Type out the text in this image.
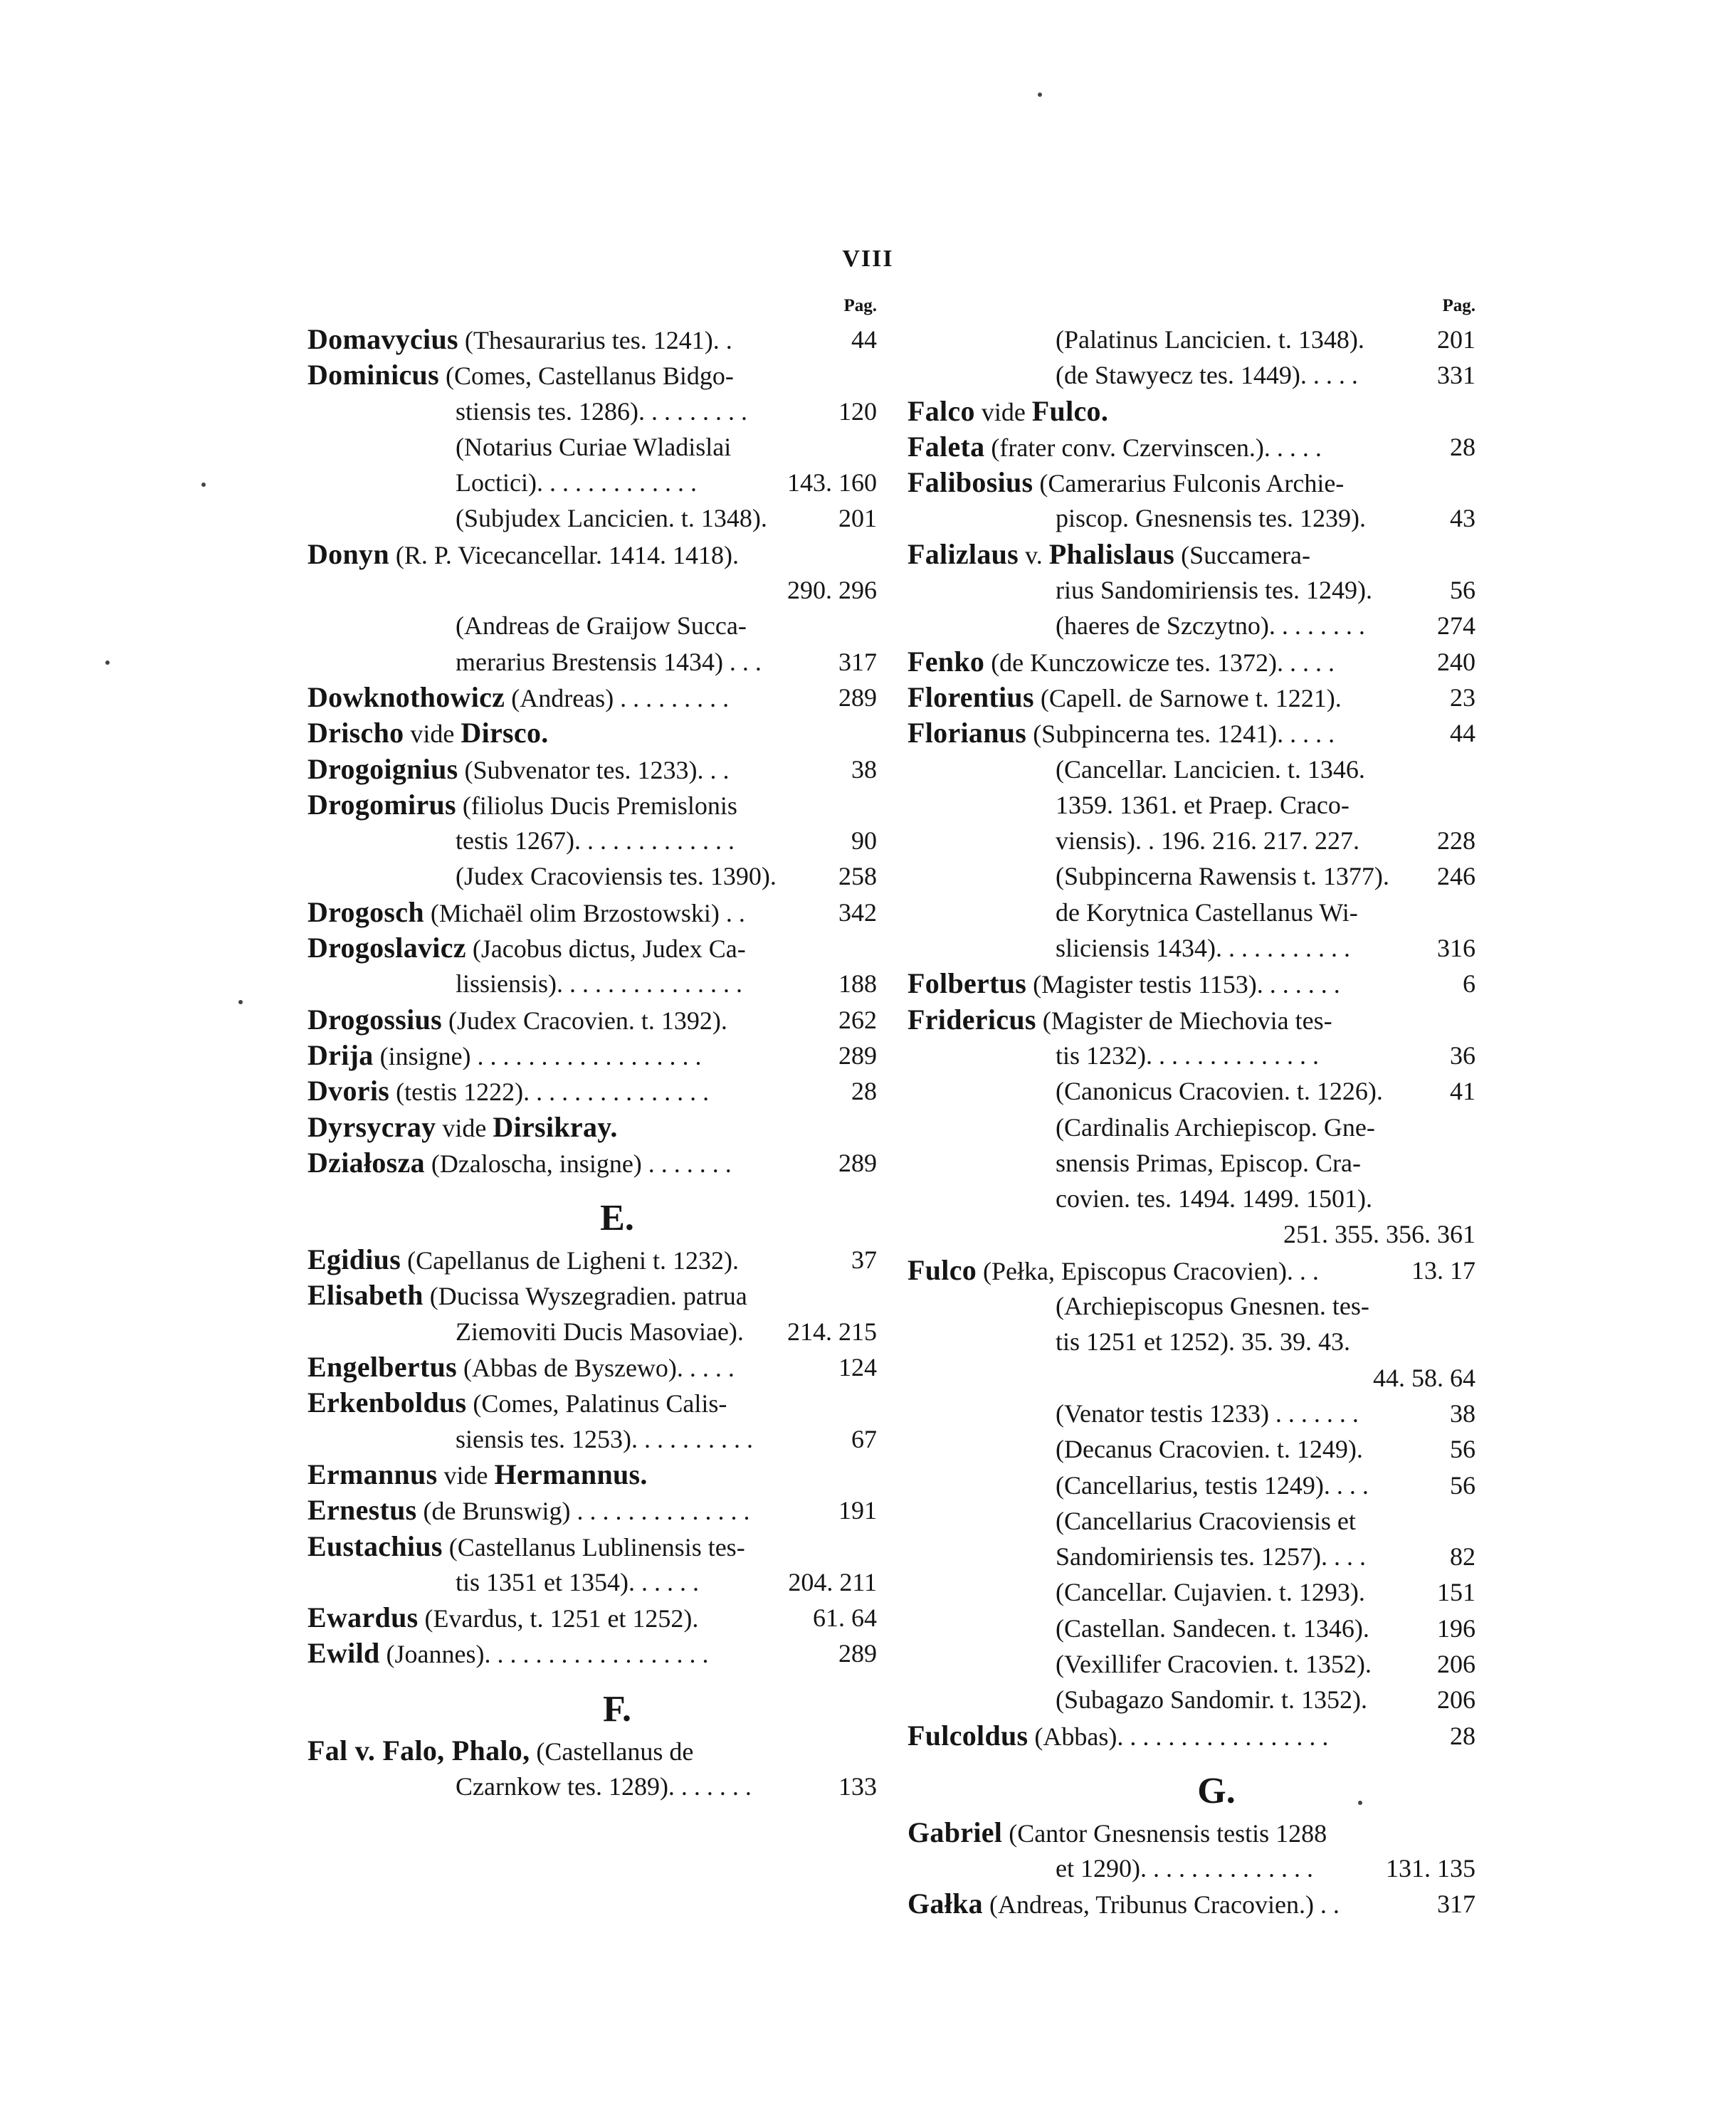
VIII
Pag.
Domavycius (Thesaurarius tes. 1241). .	44
Dominicus (Comes, Castellanus Bidgo-
stiensis tes. 1286). . . . . . . . .	120
(Notarius Curiae Wladislai
Loctici). . . . . . . . . . . . .	143. 160
(Subjudex Lancicien. t. 1348).	201
Donyn (R. P. Vicecancellar. 1414. 1418).
290. 296
(Andreas de Graijow Succa-
merarius Brestensis 1434) . . .	317
Dowknothowicz (Andreas) . . . . . . . . .	289
Drischo vide Dirsco.
Drogoignius (Subvenator tes. 1233). . .	38
Drogomirus (filiolus Ducis Premislonis
testis 1267). . . . . . . . . . . . .	90
(Judex Cracoviensis tes. 1390). 258
Drogosch (Michaël olim Brzostowski) . .	342
Drogoslavicz (Jacobus dictus, Judex Ca-
lissiensis). . . . . . . . . . . . . . .	188
Drogossius (Judex Cracovien. t. 1392).	262
Drija (insigne) . . . . . . . . . . . . . . . . . .	289
Dvoris (testis 1222). . . . . . . . . . . . . . .	28
Dyrsycray vide Dirsikray.
Działosza (Dzaloscha, insigne) . . . . . . .	289
E.
Egidius (Capellanus de Ligheni t. 1232).	37
Elisabeth (Ducissa Wyszegradien. patrua
Ziemoviti Ducis Masoviae). 214. 215
Engelbertus (Abbas de Byszewo). . . . .	124
Erkenboldus (Comes, Palatinus Calis-
siensis tes. 1253). . . . . . . . . .	67
Ermannus vide Hermannus.
Ernestus (de Brunswig) . . . . . . . . . . . . . .	191
Eustachius (Castellanus Lublinensis tes-
tis 1351 et 1354). . . . . .	204. 211
Ewardus (Evardus, t. 1251 et 1252).	61. 64
Ewild (Joannes). . . . . . . . . . . . . . . . . .	289
F.
Fal v. Falo, Phalo, (Castellanus de
Czarnkow tes. 1289). . . . . . .	133
Pag.
(Palatinus Lancicien. t. 1348).	201
(de Stawyecz tes. 1449). . . . .	331
Falco vide Fulco.
Faleta (frater conv. Czervinscen.). . . . .	28
Falibosius (Camerarius Fulconis Archie-
piscop. Gnesnensis tes. 1239).	43
Falizlaus v. Phalislaus (Succamera-
rius Sandomiriensis tes. 1249).	56
(haeres de Szczytno). . . . . . . .	274
Fenko (de Kunczowicze tes. 1372). . . . .	240
Florentius (Capell. de Sarnowe t. 1221).	23
Florianus (Subpincerna tes. 1241). . . . .	44
(Cancellar. Lancicien. t. 1346.
1359. 1361. et Praep. Craco-
viensis). . 196. 216. 217. 227.	228
(Subpincerna Rawensis t. 1377). 246
de Korytnica Castellanus Wi-
sliciensis 1434). . . . . . . . . . .	316
Folbertus (Magister testis 1153). . . . . . .	6
Fridericus (Magister de Miechovia tes-
tis 1232). . . . . . . . . . . . . .	36
(Canonicus Cracovien. t. 1226).	41
(Cardinalis Archiepiscop. Gne-
snensis Primas, Episcop. Cra-
covien. tes. 1494. 1499. 1501).
251. 355. 356. 361
Fulco (Pełka, Episcopus Cracovien). . .	13. 17
(Archiepiscopus Gnesnen. tes-
tis 1251 et 1252). 35. 39. 43.
44. 58. 64
(Venator testis 1233) . . . . . . .	38
(Decanus Cracovien. t. 1249).	56
(Cancellarius, testis 1249). . . .	56
(Cancellarius Cracoviensis et
Sandomiriensis tes. 1257). . . .	82
(Cancellar. Cujavien. t. 1293).	151
(Castellan. Sandecen. t. 1346).	196
(Vexillifer Cracovien. t. 1352).	206
(Subagazo Sandomir. t. 1352).	206
Fulcoldus (Abbas). . . . . . . . . . . . . . . . .	28
G.
Gabriel (Cantor Gnesnensis testis 1288
et 1290). . . . . . . . . . . . . .	131. 135
Gałka (Andreas, Tribunus Cracovien.) . .	317
